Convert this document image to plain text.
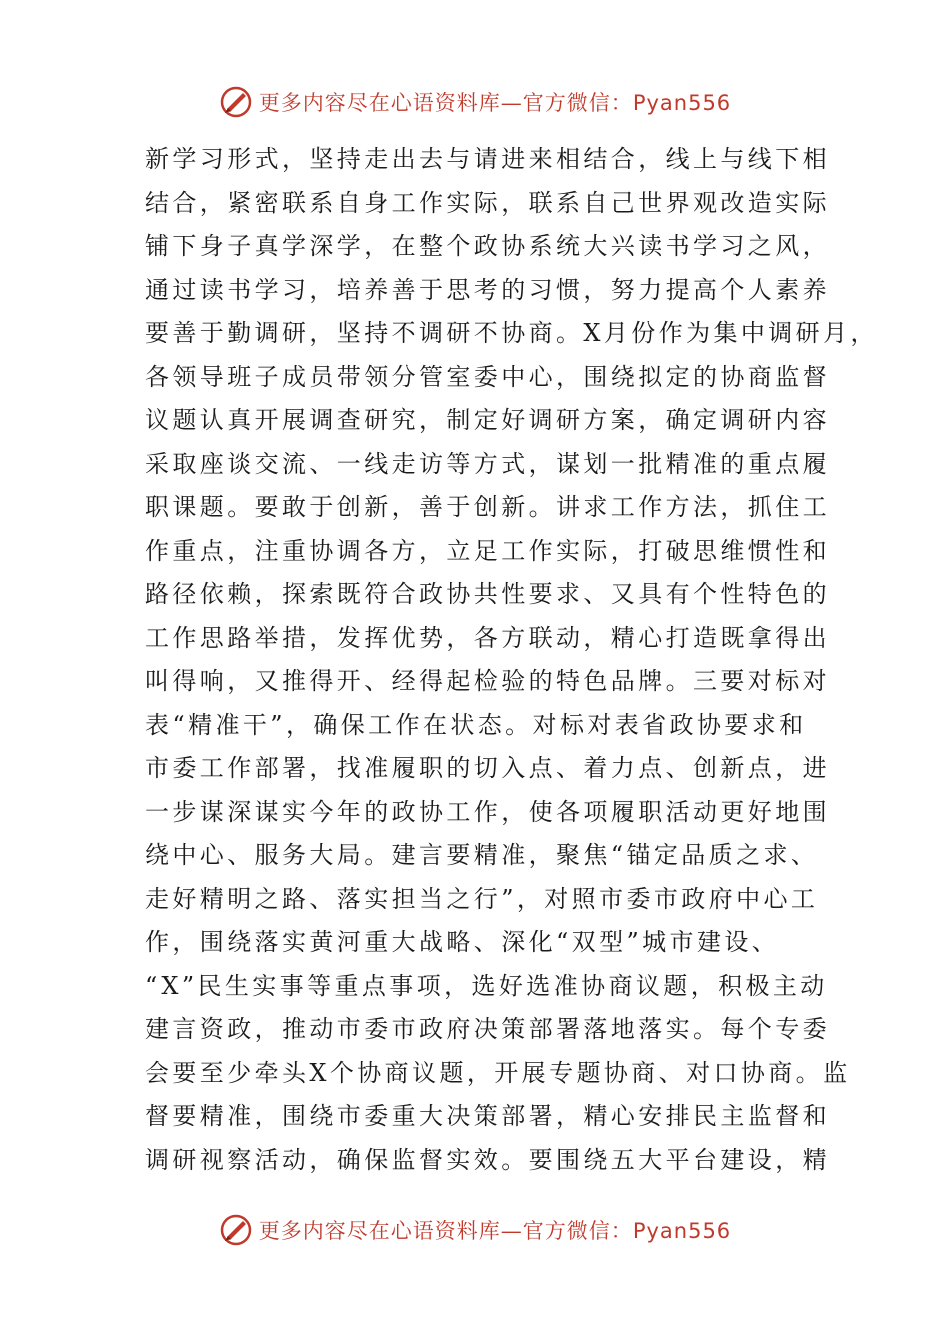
更多内容尽在心语资料库—官方微信：Pyan556
新学习形式，坚持走出去与请进来相结合，线上与线下相
结合，紧密联系自身工作实际，联系自己世界观改造实际
铺下身子真学深学，在整个政协系统大兴读书学习之风，
通过读书学习，培养善于思考的习惯，努力提高个人素养
要善于勤调研，坚持不调研不协商。X月份作为集中调研月，
各领导班子成员带领分管室委中心，围绕拟定的协商监督
议题认真开展调查研究，制定好调研方案，确定调研内容
采取座谈交流、一线走访等方式，谋划一批精准的重点履
职课题。要敢于创新，善于创新。讲求工作方法，抓住工
作重点，注重协调各方，立足工作实际，打破思维惯性和
路径依赖，探索既符合政协共性要求、又具有个性特色的
工作思路举措，发挥优势，各方联动，精心打造既拿得出
叫得响，又推得开、经得起检验的特色品牌。三要对标对
表“精准干”，确保工作在状态。对标对表省政协要求和
市委工作部署，找准履职的切入点、着力点、创新点，进
一步谋深谋实今年的政协工作，使各项履职活动更好地围
绕中心、服务大局。建言要精准，聚焦“锚定品质之求、
走好精明之路、落实担当之行”，对照市委市政府中心工
作，围绕落实黄河重大战略、深化“双型”城市建设、
“X”民生实事等重点事项，选好选准协商议题，积极主动
建言资政，推动市委市政府决策部署落地落实。每个专委
会要至少牵头X个协商议题，开展专题协商、对口协商。监
督要精准，围绕市委重大决策部署，精心安排民主监督和
调研视察活动，确保监督实效。要围绕五大平台建设，精
更多内容尽在心语资料库—官方微信：Pyan556
